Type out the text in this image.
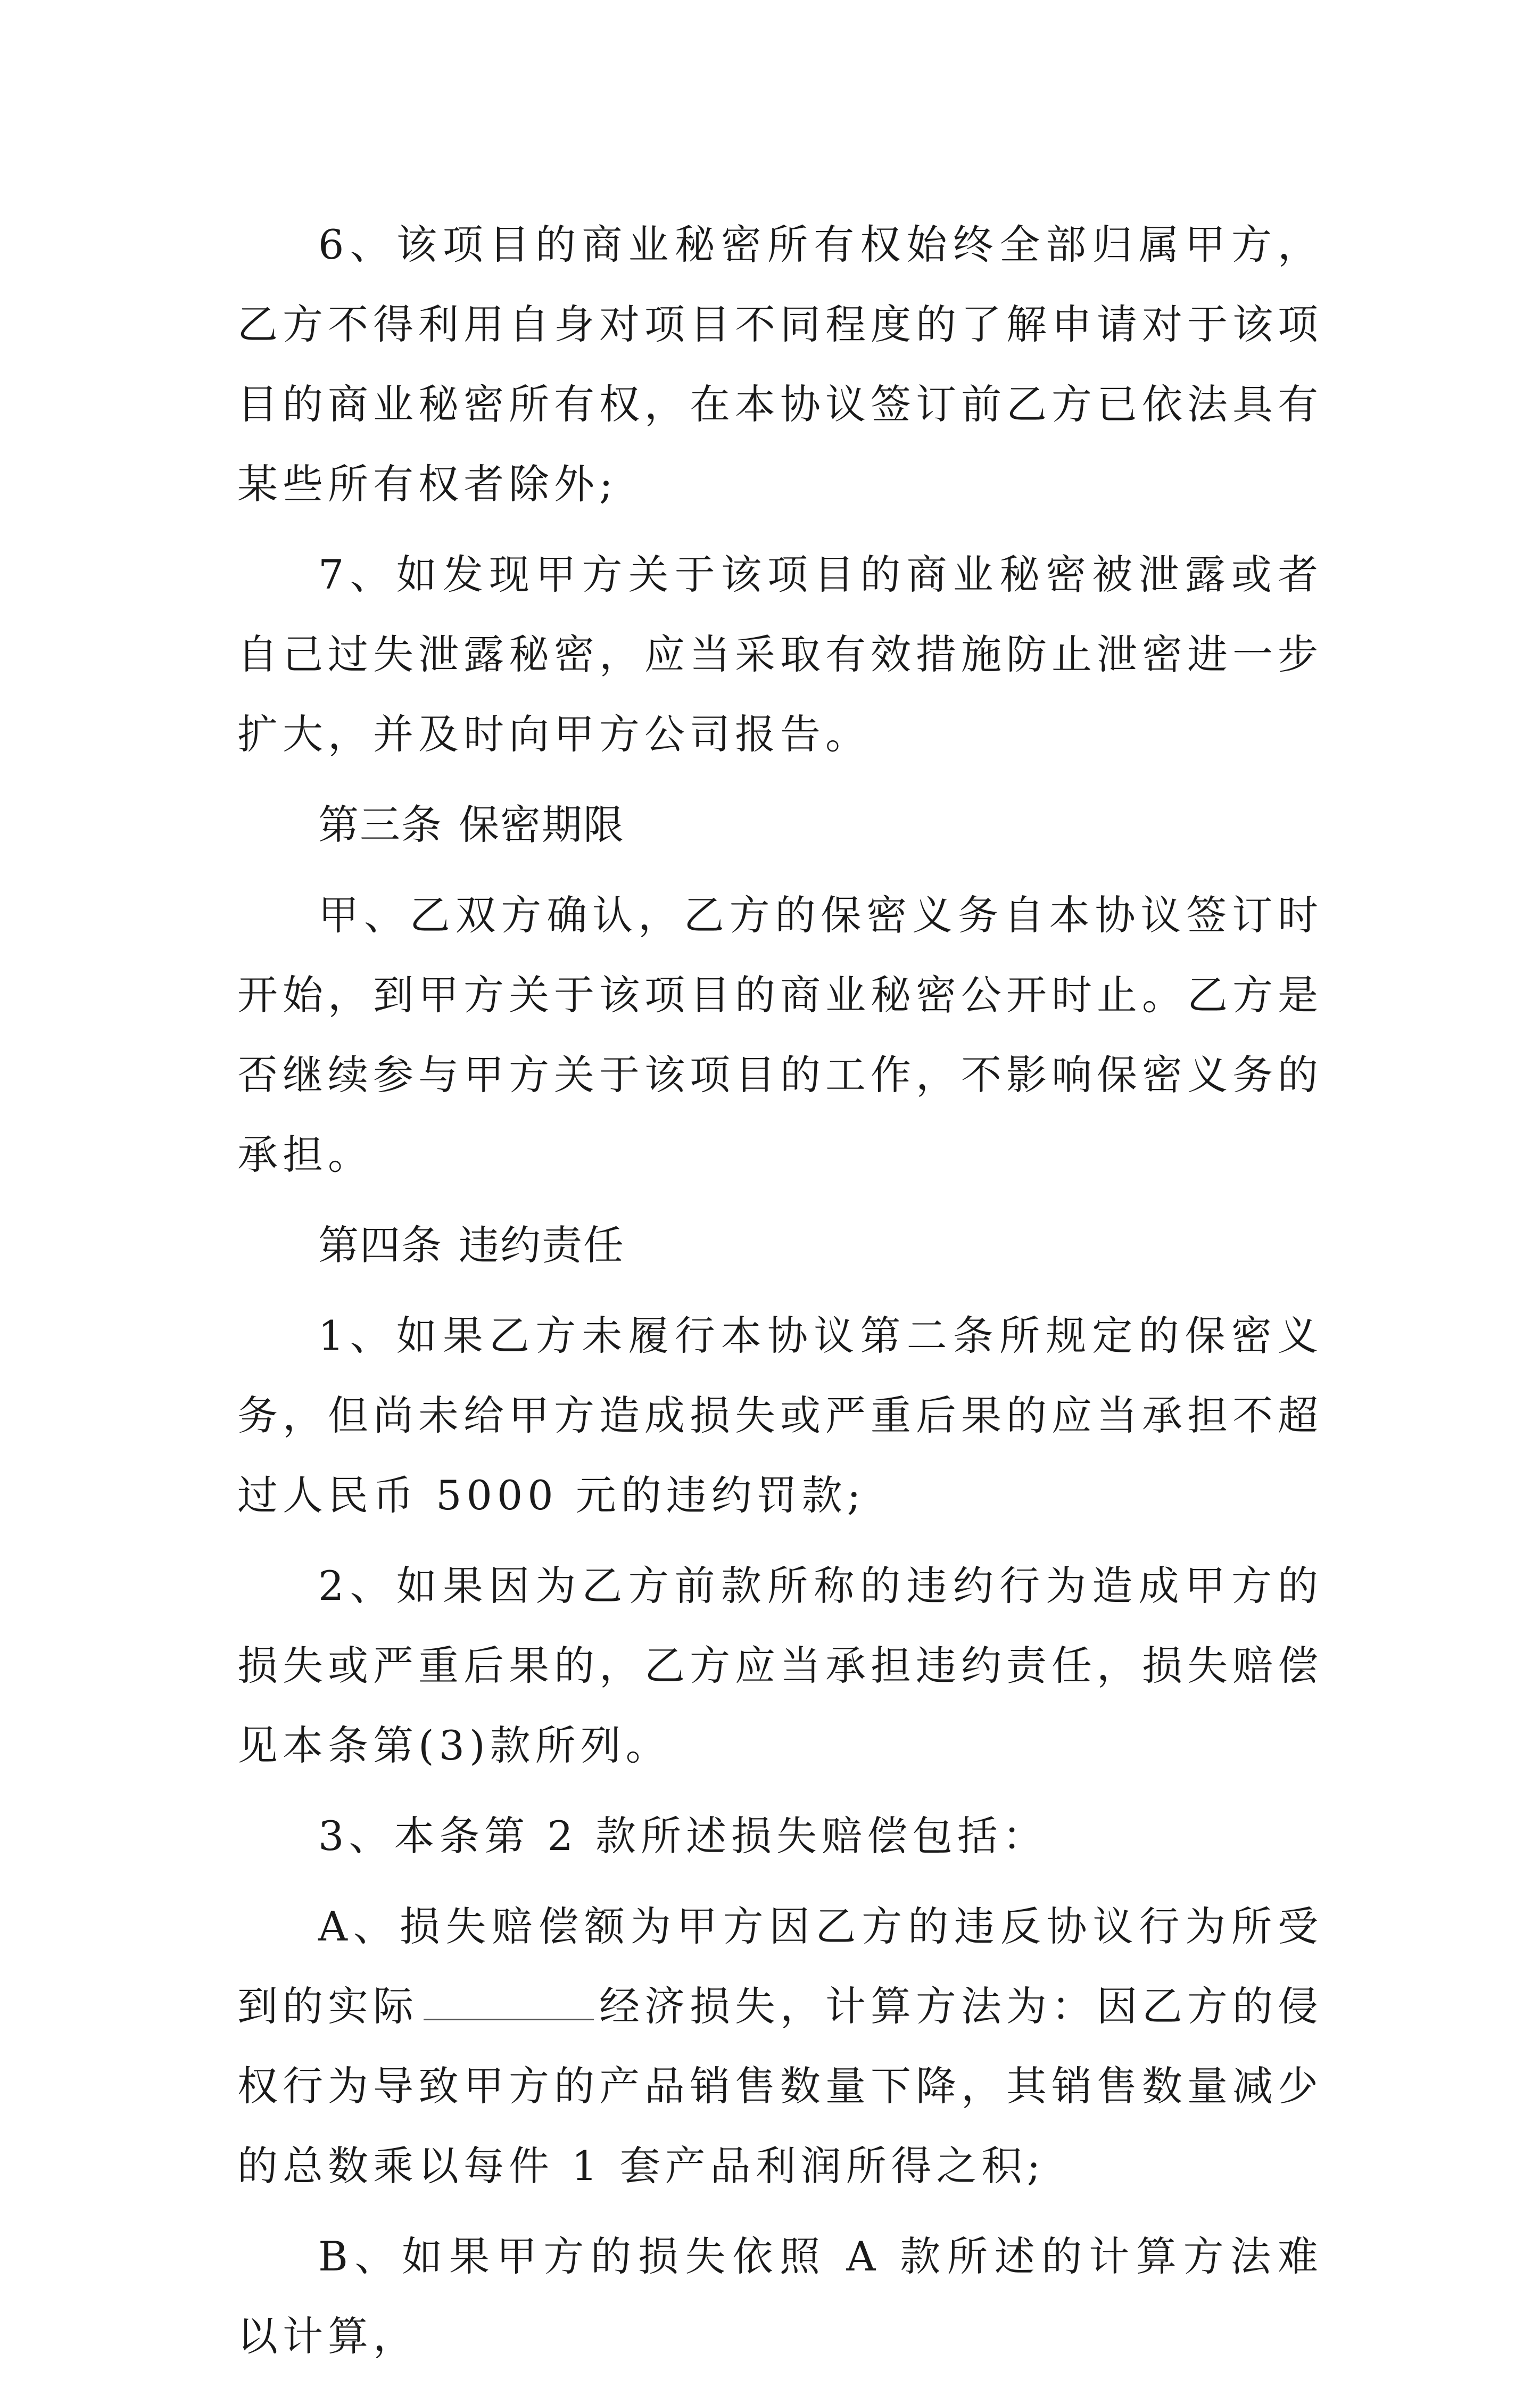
6、该项目的商业秘密所有权始终全部归属甲方，乙方不得利用自身对项目不同程度的了解申请对于该项目的商业秘密所有权，在本协议签订前乙方已依法具有某些所有权者除外;

7、如发现甲方关于该项目的商业秘密被泄露或者自己过失泄露秘密，应当采取有效措施防止泄密进一步扩大，并及时向甲方公司报告。

第三条 保密期限

甲、乙双方确认，乙方的保密义务自本协议签订时开始，到甲方关于该项目的商业秘密公开时止。乙方是否继续参与甲方关于该项目的工作，不影响保密义务的承担。

第四条 违约责任

1、如果乙方未履行本协议第二条所规定的保密义务，但尚未给甲方造成损失或严重后果的应当承担不超过人民币 5000 元的违约罚款;

2、如果因为乙方前款所称的违约行为造成甲方的损失或严重后果的，乙方应当承担违约责任，损失赔偿见本条第(3)款所列。

3、本条第 2 款所述损失赔偿包括：

A、损失赔偿额为甲方因乙方的违反协议行为所受到的实际	经济损失，计算方法为：因乙方的侵权行为导致甲方的产品销售数量下降，其销售数量减少的总数乘以每件 1 套产品利润所得之积;

B、如果甲方的损失依照 A 款所述的计算方法难以计算，
